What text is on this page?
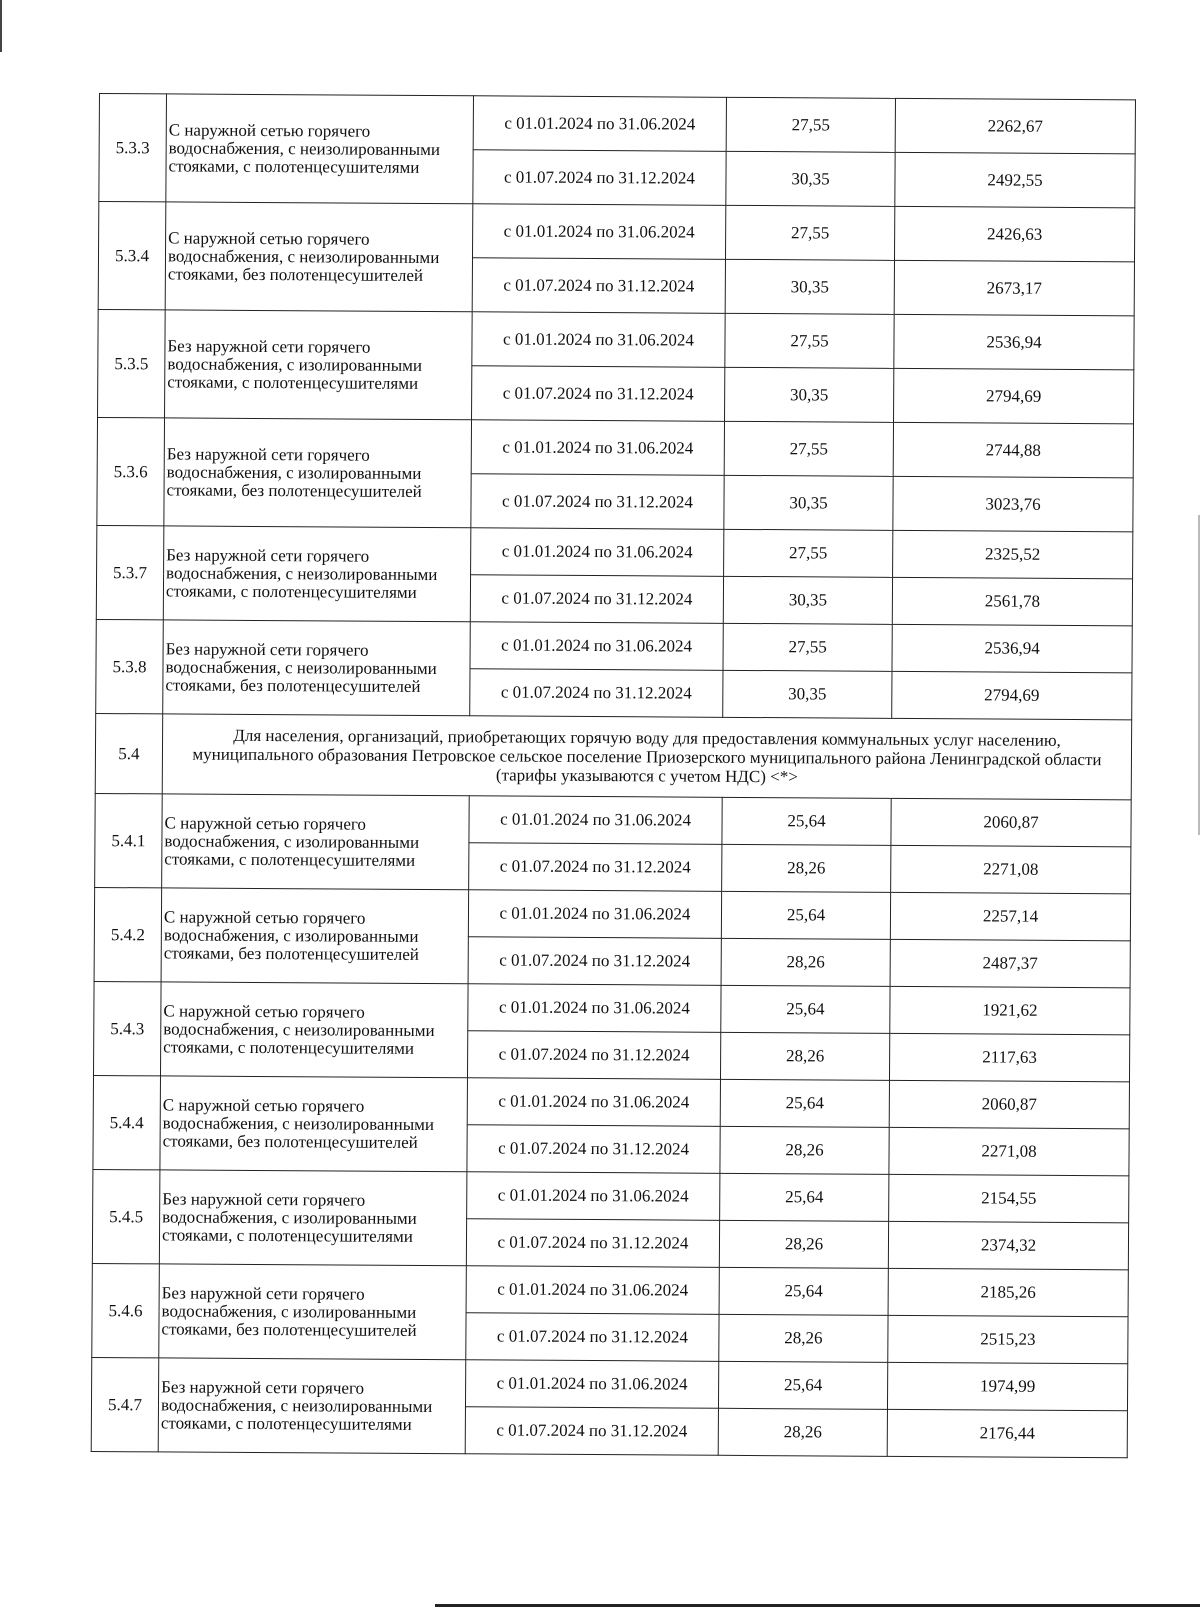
5.3.3	С наружной сетью горячего водоснабжения, с неизолированными стояками, с полотенцесушителями	с 01.01.2024 по 31.06.2024	27,55	2262,67
		с 01.07.2024 по 31.12.2024	30,35	2492,55
5.3.4	С наружной сетью горячего водоснабжения, с неизолированными стояками, без полотенцесушителей	с 01.01.2024 по 31.06.2024	27,55	2426,63
		с 01.07.2024 по 31.12.2024	30,35	2673,17
5.3.5	Без наружной сети горячего водоснабжения, с изолированными стояками, с полотенцесушителями	с 01.01.2024 по 31.06.2024	27,55	2536,94
		с 01.07.2024 по 31.12.2024	30,35	2794,69
5.3.6	Без наружной сети горячего водоснабжения, с изолированными стояками, без полотенцесушителей	с 01.01.2024 по 31.06.2024	27,55	2744,88
		с 01.07.2024 по 31.12.2024	30,35	3023,76
5.3.7	Без наружной сети горячего водоснабжения, с неизолированными стояками, с полотенцесушителями	с 01.01.2024 по 31.06.2024	27,55	2325,52
		с 01.07.2024 по 31.12.2024	30,35	2561,78
5.3.8	Без наружной сети горячего водоснабжения, с неизолированными стояками, без полотенцесушителей	с 01.01.2024 по 31.06.2024	27,55	2536,94
		с 01.07.2024 по 31.12.2024	30,35	2794,69
5.4	Для населения, организаций, приобретающих горячую воду для предоставления коммунальных услуг населению, муниципального образования Петровское сельское поселение Приозерского муниципального района Ленинградской области (тарифы указываются с учетом НДС) <*>			
5.4.1	С наружной сетью горячего водоснабжения, с изолированными стояками, с полотенцесушителями	с 01.01.2024 по 31.06.2024	25,64	2060,87
		с 01.07.2024 по 31.12.2024	28,26	2271,08
5.4.2	С наружной сетью горячего водоснабжения, с изолированными стояками, без полотенцесушителей	с 01.01.2024 по 31.06.2024	25,64	2257,14
		с 01.07.2024 по 31.12.2024	28,26	2487,37
5.4.3	С наружной сетью горячего водоснабжения, с неизолированными стояками, с полотенцесушителями	с 01.01.2024 по 31.06.2024	25,64	1921,62
		с 01.07.2024 по 31.12.2024	28,26	2117,63
5.4.4	С наружной сетью горячего водоснабжения, с неизолированными стояками, без полотенцесушителей	с 01.01.2024 по 31.06.2024	25,64	2060,87
		с 01.07.2024 по 31.12.2024	28,26	2271,08
5.4.5	Без наружной сети горячего водоснабжения, с изолированными стояками, с полотенцесушителями	с 01.01.2024 по 31.06.2024	25,64	2154,55
		с 01.07.2024 по 31.12.2024	28,26	2374,32
5.4.6	Без наружной сети горячего водоснабжения, с изолированными стояками, без полотенцесушителей	с 01.01.2024 по 31.06.2024	25,64	2185,26
		с 01.07.2024 по 31.12.2024	28,26	2515,23
5.4.7	Без наружной сети горячего водоснабжения, с неизолированными стояками, с полотенцесушителями	с 01.01.2024 по 31.06.2024	25,64	1974,99
		с 01.07.2024 по 31.12.2024	28,26	2176,44
